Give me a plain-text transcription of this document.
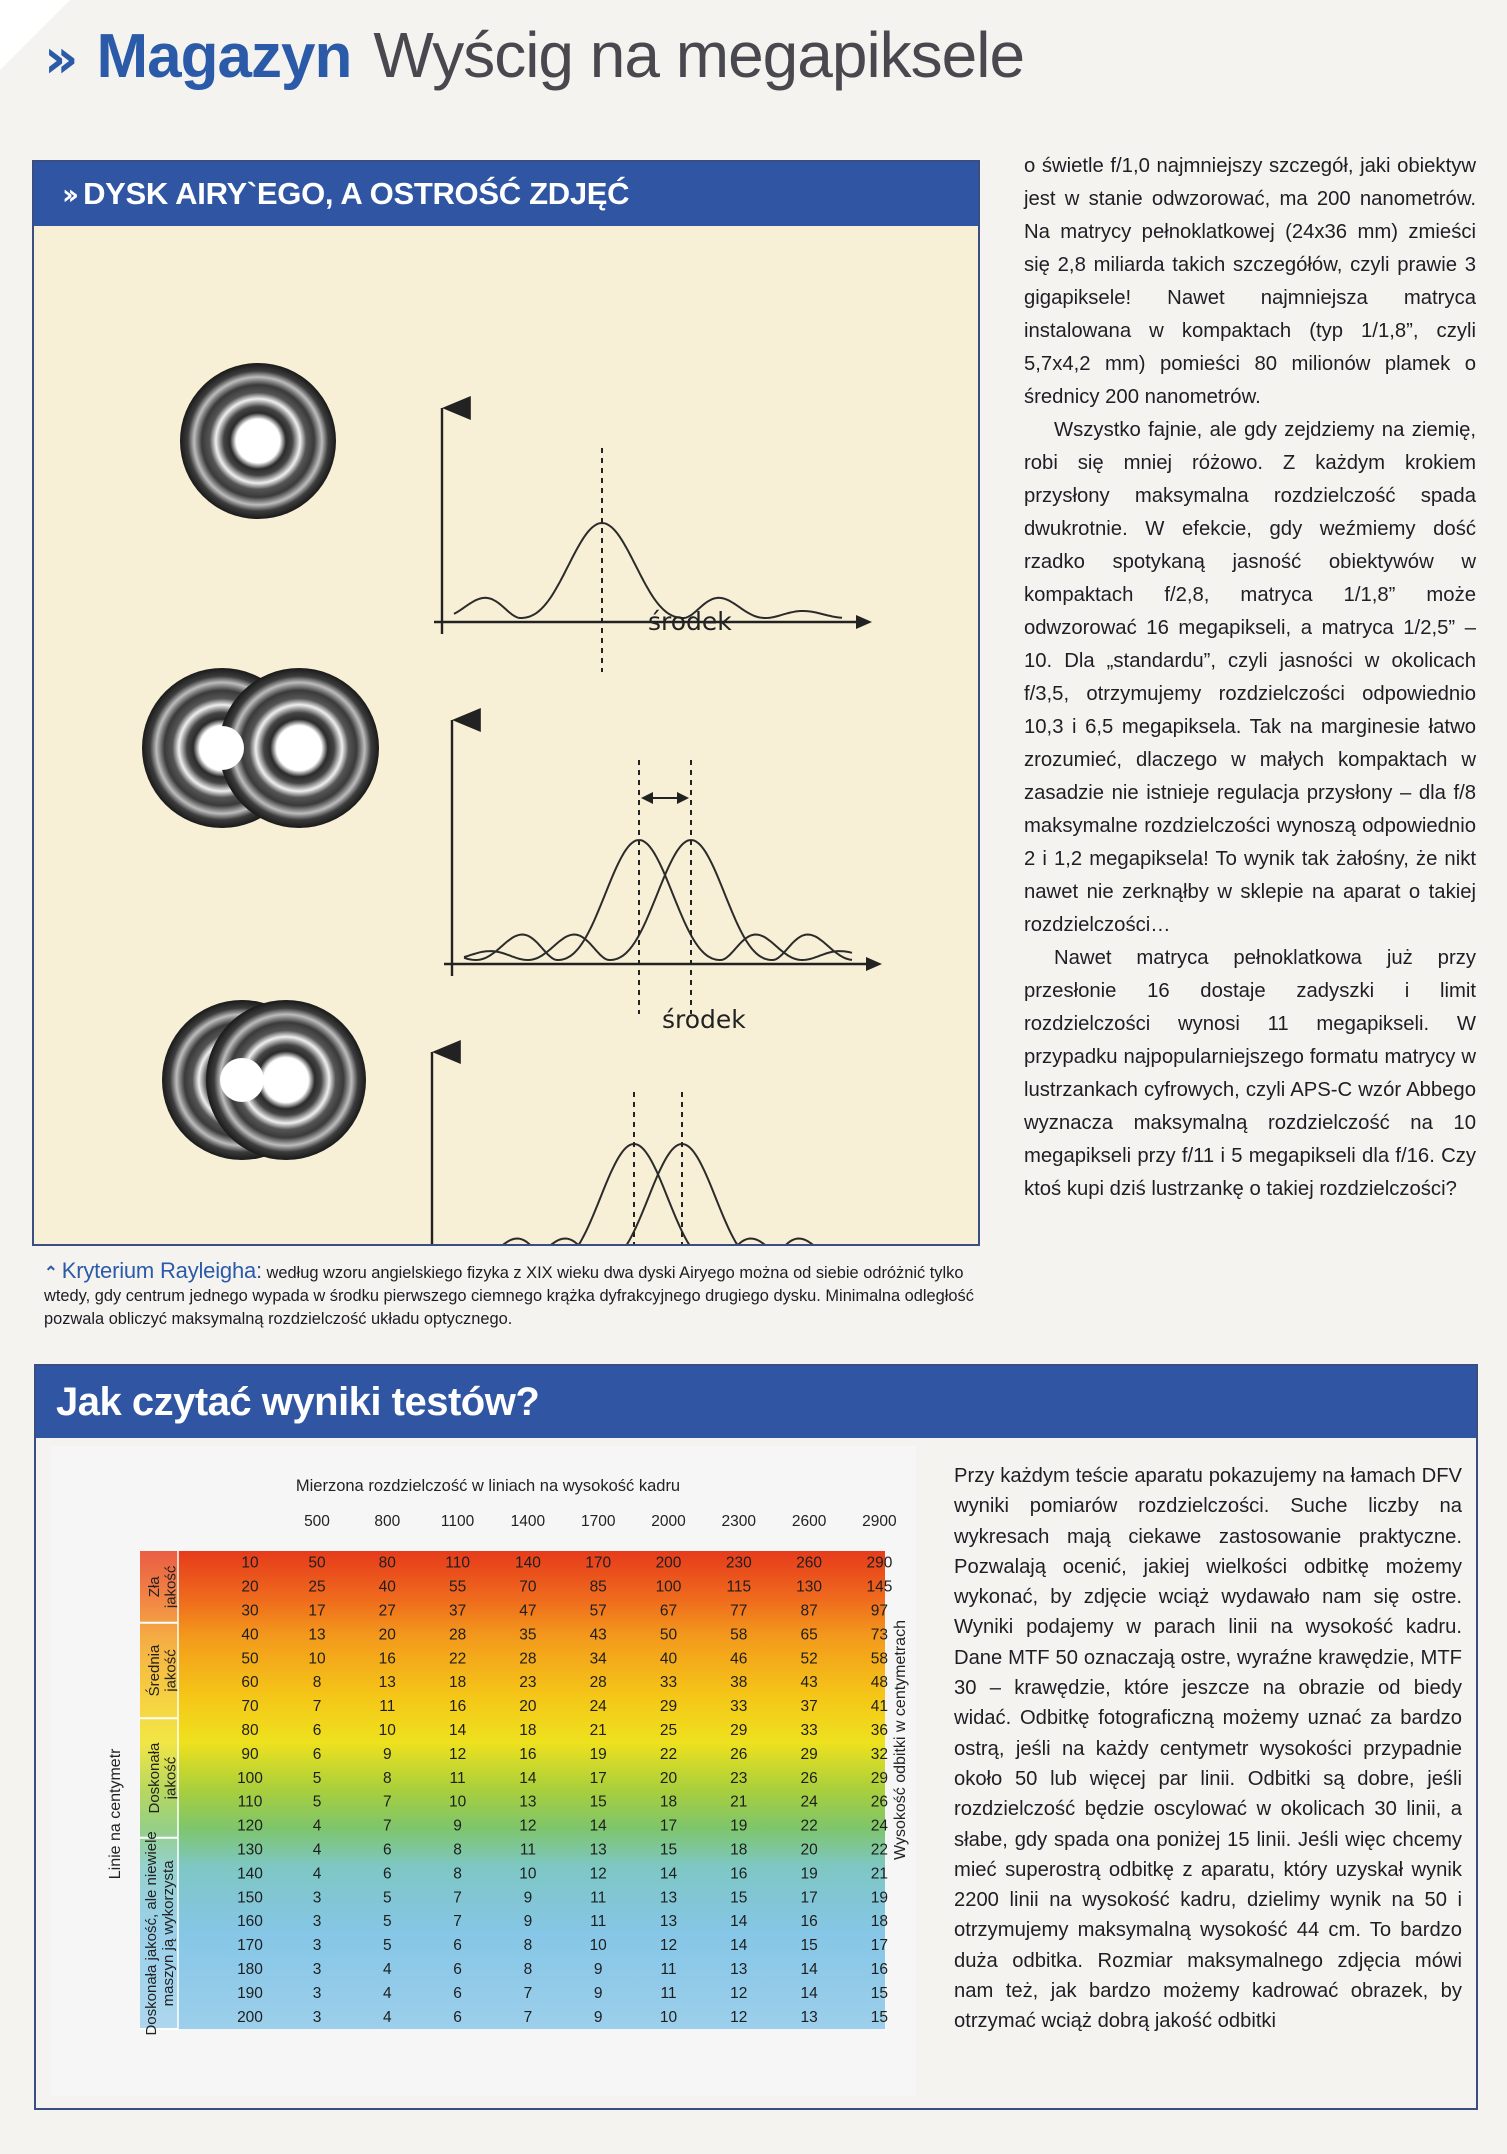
›› Magazyn Wyścig na megapiksele
›› DYSK AIRY`EGO, A OSTROŚĆ ZDJĘĆ
środek
środek
⌃ Kryterium Rayleigha: według wzoru angielskiego fizyka z XIX wieku dwa dyski Airyego można od siebie odróżnić tylko wtedy, gdy centrum jednego wypada w środku pierwszego ciemnego krążka dyfrakcyjnego drugiego dysku. Minimalna odległość pozwala obliczyć maksymalną rozdzielczość układu optycznego.

o świetle f/1,0 najmniejszy szczegół, jaki obiektyw jest w stanie odwzorować, ma 200 nanometrów. Na matrycy pełnoklatkowej (24x36 mm) zmieści się 2,8 miliarda takich szczegółów, czyli prawie 3 gigapiksele! Nawet najmniejsza matryca instalowana w kompaktach (typ 1/1,8”, czyli 5,7x4,2 mm) pomieści 80 milionów plamek o średnicy 200 nanometrów.

Wszystko fajnie, ale gdy zejdziemy na ziemię, robi się mniej różowo. Z każdym krokiem przysłony maksymalna rozdzielczość spada dwukrotnie. W efekcie, gdy weźmiemy dość rzadko spotykaną jasność obiektywów w kompaktach f/2,8, matryca 1/1,8” może odwzorować 16 megapikseli, a matryca 1/2,5” – 10. Dla „standardu”, czyli jasności w okolicach f/3,5, otrzymujemy rozdzielczości odpowiednio 10,3 i 6,5 megapiksela. Tak na marginesie łatwo zrozumieć, dlaczego w małych kompaktach w zasadzie nie istnieje regulacja przysłony – dla f/8 maksymalne rozdzielczości wynoszą odpowiednio 2 i 1,2 megapiksela! To wynik tak żałośny, że nikt nawet nie zerknąłby w sklepie na aparat o takiej rozdzielczości…

Nawet matryca pełnoklatkowa już przy przesłonie 16 dostaje zadyszki i limit rozdzielczości wynosi 11 megapikseli. W przypadku najpopularniejszego formatu matrycy w lustrzankach cyfrowych, czyli APS-C wzór Abbego wyznacza maksymalną rozdzielczość na 10 megapikseli przy f/11 i 5 megapikseli dla f/16. Czy ktoś kupi dziś lustrzankę o takiej rozdzielczości?

Jak czytać wyniki testów?
Złajakość
Średniajakość
Doskonałajakość
Doskonała jakość, ale niewielemaszyn ją wykorzysta
Mierzona rozdzielczość w liniach na wysokość kadru
500	800	1100 1400 1700 2000 2300 2600 2900
10	50	80	110	140	170	200	230	260	290
20	25	40	55	70	85	100	115	130	145
30	17	27	37	47	57	67	77	87	97
40	13	20	28	35	43	50	58	65	73
50	10	16	22	28	34	40	46	52	58
60	8	13	18	23	28	33	38	43	48
70	7	11	16	20	24	29	33	37	41
80	6	10	14	18	21	25	29	33	36
90	6	9	12	16	19	22	26	29	32
100	5	8	11	14	17	20	23	26	29
110	5	7	10	13	15	18	21	24	26
120	4	7	9	12	14	17	19	22	24
130	4	6	8	11	13	15	18	20	22
140	4	6	8	10	12	14	16	19	21
150	3	5	7	9	11	13	15	17	19
160	3	5	7	9	11	13	14	16	18
170	3	5	6	8	10	12	14	15	17
180	3	4	6	8	9	11	13	14	16
190	3	4	6	7	9	11	12	14	15
200	3	4	6	7	9	10	12	13	15
Linie na centymetr	Wysokość odbitki w centymetrach

Przy każdym teście aparatu pokazujemy na łamach DFV wyniki pomiarów rozdzielczości. Suche liczby na wykresach mają ciekawe zastosowanie praktyczne. Pozwalają ocenić, jakiej wielkości odbitkę możemy wykonać, by zdjęcie wciąż wydawało nam się ostre. Wyniki podajemy w parach linii na wysokość kadru. Dane MTF 50 oznaczają ostre, wyraźne krawędzie, MTF 30 – krawędzie, które jeszcze na obrazie od biedy widać. Odbitkę fotograficzną możemy uznać za bardzo ostrą, jeśli na każdy centymetr wysokości przypadnie około 50 lub więcej par linii. Odbitki są dobre, jeśli rozdzielczość będzie oscylować w okolicach 30 linii, a słabe, gdy spada ona poniżej 15 linii. Jeśli więc chcemy mieć superostrą odbitkę z aparatu, który uzyskał wynik 2200 linii na wysokość kadru, dzielimy wynik na 50 i otrzymujemy maksymalną wysokość 44 cm. To bardzo duża odbitka. Rozmiar maksymalnego zdjęcia mówi nam też, jak bardzo możemy kadrować obrazek, by otrzymać wciąż dobrą jakość odbitki
